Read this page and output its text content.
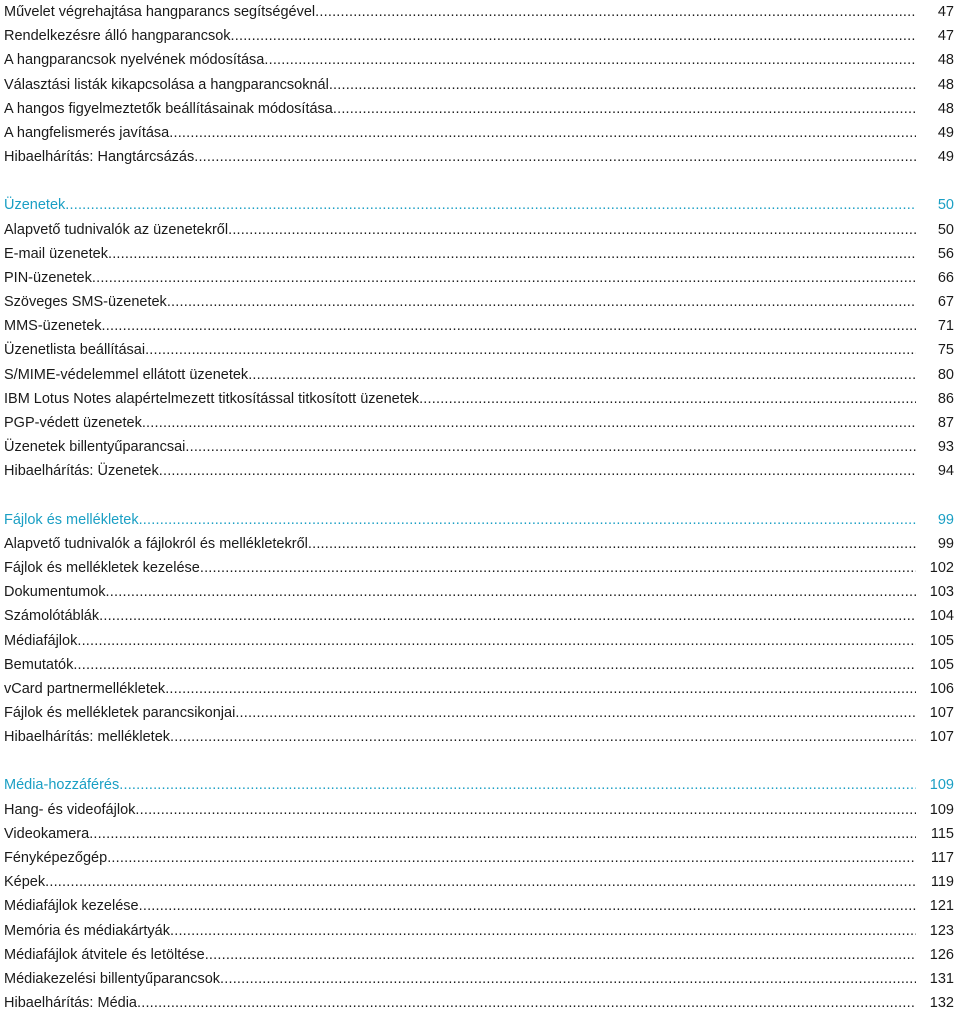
Művelet végrehajtása hangparancs segítségével .....	47
Rendelkezésre álló hangparancsok .....	47
A hangparancsok nyelvének módosítása .....	48
Választási listák kikapcsolása a hangparancsoknál .....	48
A hangos figyelmeztetők beállításainak módosítása .....	48
A hangfelismerés javítása .....	49
Hibaelhárítás: Hangtárcsázás .....	49
Üzenetek .....	50
Alapvető tudnivalók az üzenetekről .....	50
E-mail üzenetek .....	56
PIN-üzenetek .....	66
Szöveges SMS-üzenetek .....	67
MMS-üzenetek .....	71
Üzenetlista beállításai .....	75
S/MIME-védelemmel ellátott üzenetek .....	80
IBM Lotus Notes alapértelmezett titkosítással titkosított üzenetek .....	86
PGP-védett üzenetek .....	87
Üzenetek billentyűparancsai .....	93
Hibaelhárítás: Üzenetek .....	94
Fájlok és mellékletek .....	99
Alapvető tudnivalók a fájlokról és mellékletekről .....	99
Fájlok és mellékletek kezelése .....	102
Dokumentumok .....	103
Számolótáblák .....	104
Médiafájlok .....	105
Bemutatók .....	105
vCard partnermellékletek .....	106
Fájlok és mellékletek parancsikonjai .....	107
Hibaelhárítás: mellékletek .....	107
Média-hozzáférés .....	109
Hang- és videofájlok .....	109
Videokamera .....	115
Fényképezőgép .....	117
Képek .....	119
Médiafájlok kezelése .....	121
Memória és médiakártyák .....	123
Médiafájlok átvitele és letöltése .....	126
Médiakezelési billentyűparancsok .....	131
Hibaelhárítás: Média .....	132
